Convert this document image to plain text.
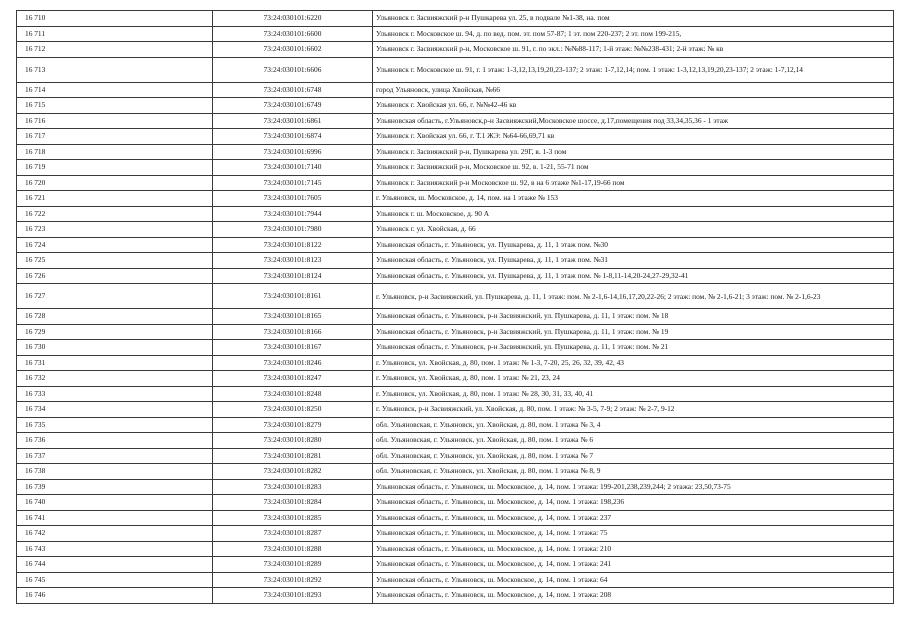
16 710	73:24:030101:6220	Ульяновск г. Засвияжский р-н Пушкарева ул. 25, в подвале №1-38, на. пом
16 711	73:24:030101:6600	Ульяновск г. Московское ш. 94, д. по вед. пом. эт. пом 57-87; 1 эт. пом 220-237; 2 эт. пом 199-215,
16 712	73:24:030101:6602	Ульяновск г. Засвияжский р-н, Московское ш. 91, г. по экл.: №№88-117; 1-й этаж: №№238-431; 2-й этаж: № кв
16 713	73:24:030101:6606	Ульяновск г. Московское ш. 91, г. 1 этаж: 1-3,12,13,19,20,23-137; 2 этаж: 1-7,12,14; пом. 1 этаж: 1-3,12,13,19,20,23-137; 2 этаж: 1-7,12,14
16 714	73:24:030101:6748	город Ульяновск, улица Хвойская, №66
16 715	73:24:030101:6749	Ульяновск г. Хвойская ул. 66, г. №№42-46 кв
16 716	73:24:030101:6861	Ульяновская область, г.Ульяновск,р-н Засвияжский,Московское шоссе, д.17,помещения под 33,34,35,36 - 1 этаж
16 717	73:24:030101:6874	Ульяновск г. Хвойская ул. 66, г. Т.1 ЖЭ: №64-66,69,71 кв
16 718	73:24:030101:6996	Ульяновск г. Засвияжский р-н, Пушкарева ул. 29Г, в. 1-3 пом
16 719	73:24:030101:7140	Ульяновск г. Засвияжский р-н, Московское ш. 92, в. 1-21, 55-71 пом
16 720	73:24:030101:7145	Ульяновск г. Засвияжский р-н Московское ш. 92, в на 6 этаже №1-17,19-66 пом
16 721	73:24:030101:7605	г. Ульяновск, ш. Московское, д. 14, пом. на 1 этаже № 153
16 722	73:24:030101:7944	Ульяновск г. ш. Московское, д. 90 А
16 723	73:24:030101:7980	Ульяновск г. ул. Хвойская, д. 66
16 724	73:24:030101:8122	Ульяновская область, г. Ульяновск, ул. Пушкарева, д. 11, 1 этаж пом. №30
16 725	73:24:030101:8123	Ульяновская область, г. Ульяновск, ул. Пушкарева, д. 11, 1 этаж пом. №31
16 726	73:24:030101:8124	Ульяновская область, г. Ульяновск, ул. Пушкарева, д. 11, 1 этаж пом. № 1-8,11-14,20-24,27-29,32-41
16 727	73:24:030101:8161	г. Ульяновск, р-н Засвияжский, ул. Пушкарева, д. 11, 1 этаж: пом. № 2-1,6-14,16,17,20,22-26; 2 этаж: пом. № 2-1,6-21; 3 этаж: пом. № 2-1,6-23
16 728	73:24:030101:8165	Ульяновская область, г. Ульяновск, р-н Засвияжский, ул. Пушкарева, д. 11, 1 этаж: пом. № 18
16 729	73:24:030101:8166	Ульяновская область, г. Ульяновск, р-н Засвияжский, ул. Пушкарева, д. 11, 1 этаж: пом. № 19
16 730	73:24:030101:8167	Ульяновская область, г. Ульяновск, р-н Засвияжский, ул. Пушкарева, д. 11, 1 этаж: пом. № 21
16 731	73:24:030101:8246	г. Ульяновск, ул. Хвойская, д. 80, пом. 1 этаж: № 1-3, 7-20, 25, 26, 32, 39, 42, 43
16 732	73:24:030101:8247	г. Ульяновск, ул. Хвойская, д. 80, пом. 1 этаж: № 21, 23, 24
16 733	73:24:030101:8248	г. Ульяновск, ул. Хвойская, д. 80, пом. 1 этаж: № 28, 30, 31, 33, 40, 41
16 734	73:24:030101:8250	г. Ульяновск, р-н Засвияжский, ул. Хвойская, д. 80, пом. 1 этаж: № 3-5, 7-9; 2 этаж: № 2-7, 9-12
16 735	73:24:030101:8279	обл. Ульяновская, г. Ульяновск, ул. Хвойская, д. 80, пом. 1 этажа № 3, 4
16 736	73:24:030101:8280	обл. Ульяновская, г. Ульяновск, ул. Хвойская, д. 80, пом. 1 этажа № 6
16 737	73:24:030101:8281	обл. Ульяновская, г. Ульяновск, ул. Хвойская, д. 80, пом. 1 этажа № 7
16 738	73:24:030101:8282	обл. Ульяновская, г. Ульяновск, ул. Хвойская, д. 80, пом. 1 этажа № 8, 9
16 739	73:24:030101:8283	Ульяновская область, г. Ульяновск, ш. Московское, д. 14, пом. 1 этажа: 199-201,238,239,244; 2 этажа: 23,50,73-75
16 740	73:24:030101:8284	Ульяновская область, г. Ульяновск, ш. Московское, д. 14, пом. 1 этажа: 198,236
16 741	73:24:030101:8285	Ульяновская область, г. Ульяновск, ш. Московское, д. 14, пом. 1 этажа: 237
16 742	73:24:030101:8287	Ульяновская область, г. Ульяновск, ш. Московское, д. 14, пом. 1 этажа: 75
16 743	73:24:030101:8288	Ульяновская область, г. Ульяновск, ш. Московское, д. 14, пом. 1 этажа: 210
16 744	73:24:030101:8289	Ульяновская область, г. Ульяновск, ш. Московское, д. 14, пом. 1 этажа: 241
16 745	73:24:030101:8292	Ульяновская область, г. Ульяновск, ш. Московское, д. 14, пом. 1 этажа: 64
16 746	73:24:030101:8293	Ульяновская область, г. Ульяновск, ш. Московское, д. 14, пом. 1 этажа: 208
